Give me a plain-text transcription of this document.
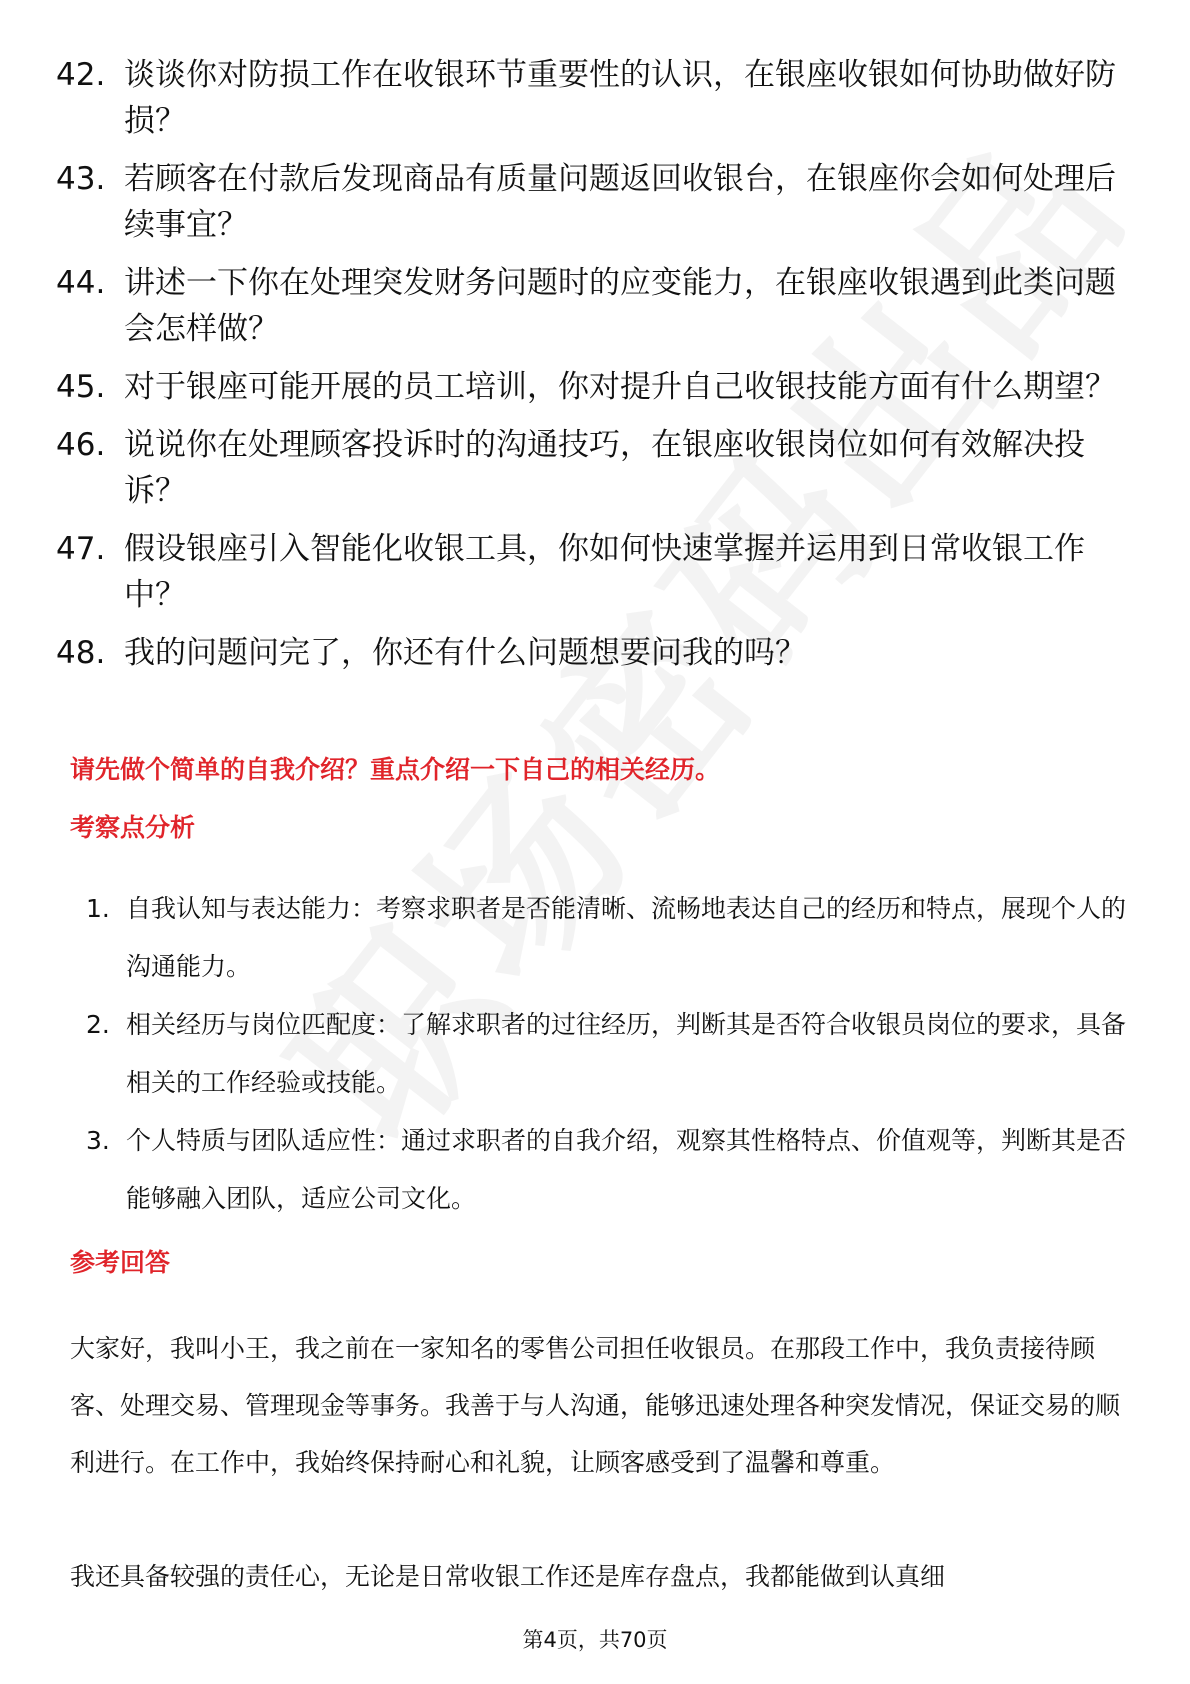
42. 谈谈你对防损工作在收银环节重要性的认识，在银座收银如何协助做好防损？
43. 若顾客在付款后发现商品有质量问题返回收银台，在银座你会如何处理后续事宜？
44. 讲述一下你在处理突发财务问题时的应变能力，在银座收银遇到此类问题会怎样做？
45. 对于银座可能开展的员工培训，你对提升自己收银技能方面有什么期望？
46. 说说你在处理顾客投诉时的沟通技巧，在银座收银岗位如何有效解决投诉？
47. 假设银座引入智能化收银工具，你如何快速掌握并运用到日常收银工作中？
48. 我的问题问完了，你还有什么问题想要问我的吗？
请先做个简单的自我介绍？重点介绍一下自己的相关经历。
考察点分析
1. 自我认知与表达能力：考察求职者是否能清晰、流畅地表达自己的经历和特点，展现个人的沟通能力。
2. 相关经历与岗位匹配度：了解求职者的过往经历，判断其是否符合收银员岗位的要求，具备相关的工作经验或技能。
3. 个人特质与团队适应性：通过求职者的自我介绍，观察其性格特点、价值观等，判断其是否能够融入团队，适应公司文化。
参考回答
大家好，我叫小王，我之前在一家知名的零售公司担任收银员。在那段工作中，我负责接待顾客、处理交易、管理现金等事务。我善于与人沟通，能够迅速处理各种突发情况，保证交易的顺利进行。在工作中，我始终保持耐心和礼貌，让顾客感受到了温馨和尊重。
我还具备较强的责任心，无论是日常收银工作还是库存盘点，我都能做到认真细
第4页，共70页
